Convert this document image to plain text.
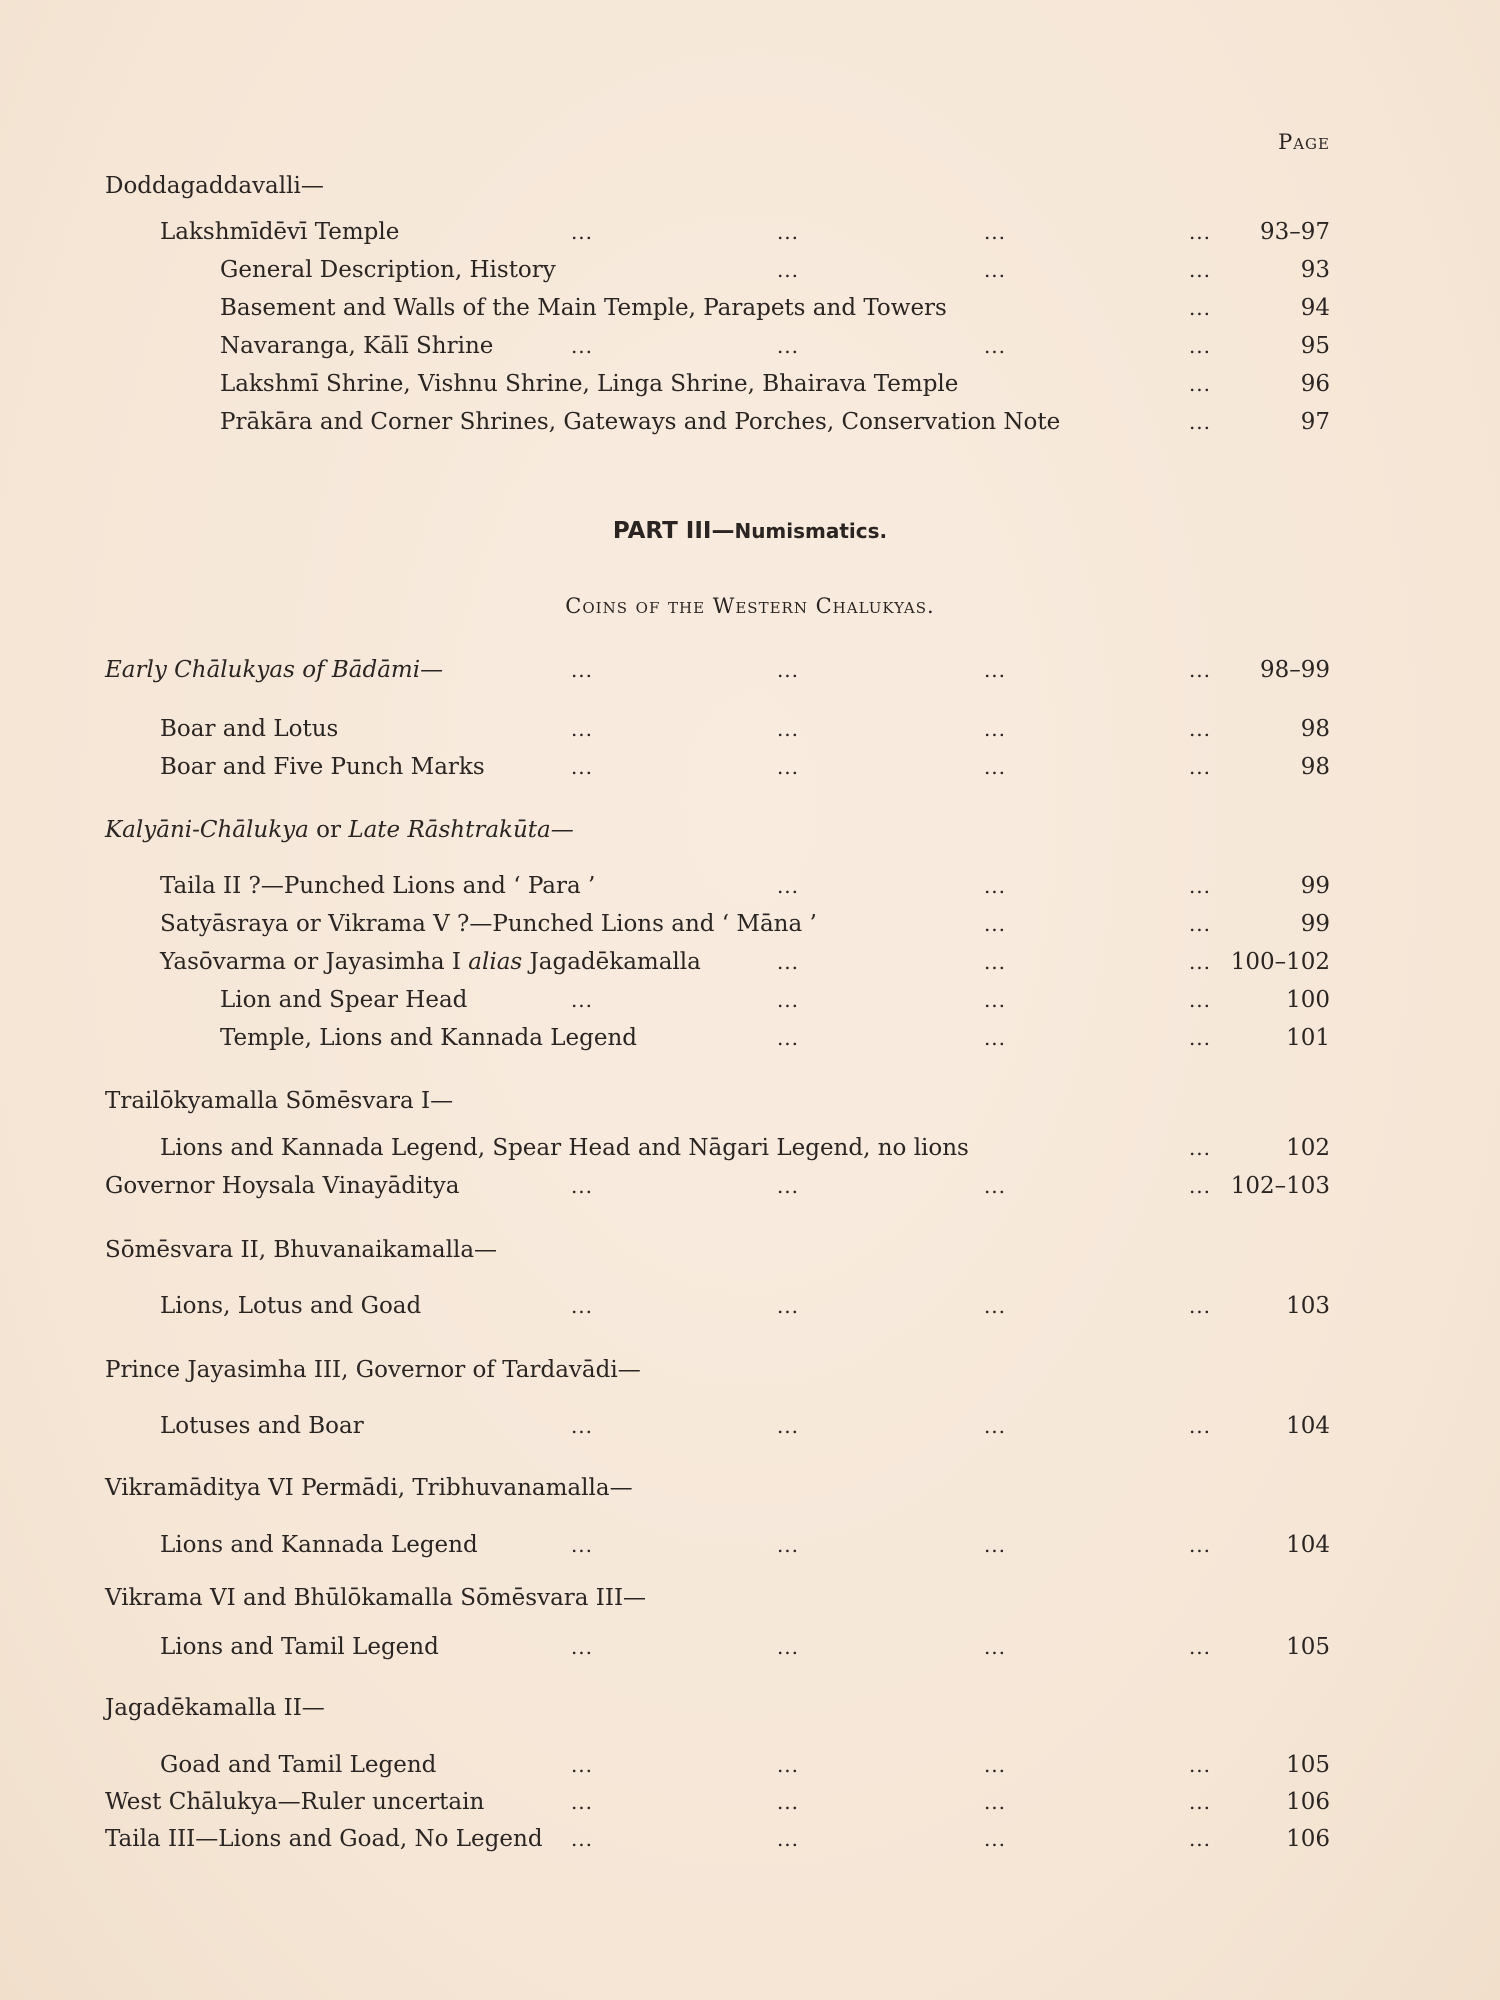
Page
Doddagaddavalli—
Lakshmīdēvī Temple	...	...	...	...	93–97
General Description, History	...	...	...	93
Basement and Walls of the Main Temple, Parapets and Towers	...	94
Navaranga, Kālī Shrine	...	...	...	...	95
Lakshmī Shrine, Vishnu Shrine, Linga Shrine, Bhairava Temple	...	96
Prākāra and Corner Shrines, Gateways and Porches, Conservation Note	...	97
PART III—Numismatics.
Coins of the Western Chalukyas.
Early Chālukyas of Bādāmi—	...	...	...	...	98–99
Boar and Lotus	...	...	...	...	98
Boar and Five Punch Marks	...	...	...	...	98
Kalyāni-Chālukya or Late Rāshtrakūta—
Taila II ?—Punched Lions and ‘ Para ’	...	...	...	99
Satyāsraya or Vikrama V ?—Punched Lions and ‘ Māna ’	...	...	99
Yasōvarma or Jayasimha I alias Jagadēkamalla	...	...	... 100–102
Lion and Spear Head	...	...	...	...	100
Temple, Lions and Kannada Legend	...	...	...	101
Trailōkyamalla Sōmēsvara I—
Lions and Kannada Legend, Spear Head and Nāgari Legend, no lions	...	102
Governor Hoysala Vinayāditya	...	...	...	... 102–103
Sōmēsvara II, Bhuvanaikamalla—
Lions, Lotus and Goad	...	...	...	...	103
Prince Jayasimha III, Governor of Tardavādi—
Lotuses and Boar	...	...	...	...	104
Vikramāditya VI Permādi, Tribhuvanamalla—
Lions and Kannada Legend	...	...	...	...	104
Vikrama VI and Bhūlōkamalla Sōmēsvara III—
Lions and Tamil Legend	...	...	...	...	105
Jagadēkamalla II—
Goad and Tamil Legend	...	...	...	...	105
West Chālukya—Ruler uncertain	...	...	...	...	106
Taila III—Lions and Goad, No Legend	...	...	...	...	106
